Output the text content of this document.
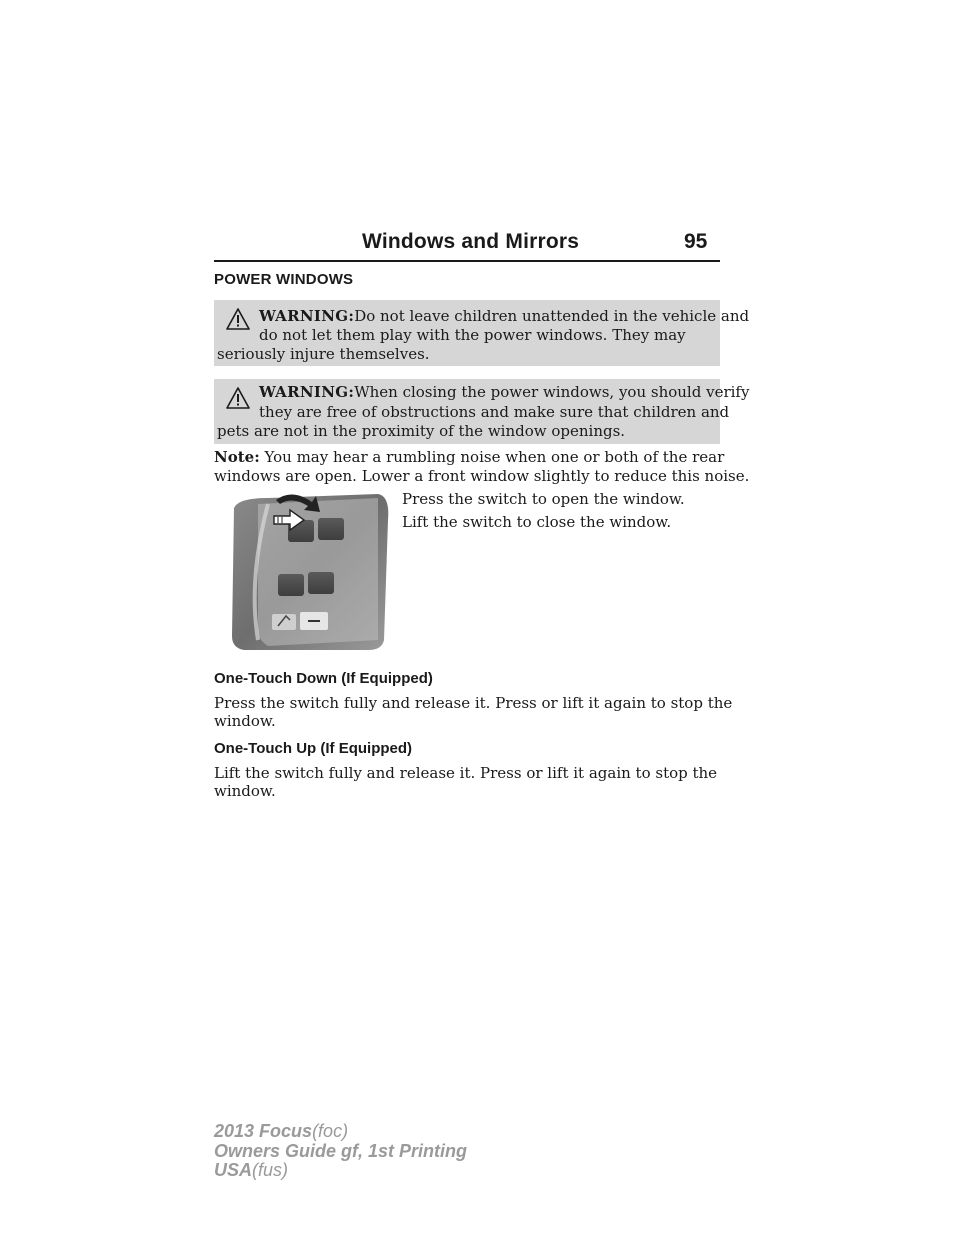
Windows and Mirrors	95
POWER WINDOWS
WARNING:Do not leave children unattended in the vehicle and
do not let them play with the power windows. They may
seriously injure themselves.
WARNING:When closing the power windows, you should verify
they are free of obstructions and make sure that children and
pets are not in the proximity of the window openings.
Note: You may hear a rumbling noise when one or both of the rear
windows are open. Lower a front window slightly to reduce this noise.
Press the switch to open the window.
Lift the switch to close the window.
One-Touch Down (If Equipped)
Press the switch fully and release it. Press or lift it again to stop the
window.
One-Touch Up (If Equipped)
Lift the switch fully and release it. Press or lift it again to stop the
window.
2013 Focus(foc)
Owners Guide gf, 1st Printing
USA(fus)
